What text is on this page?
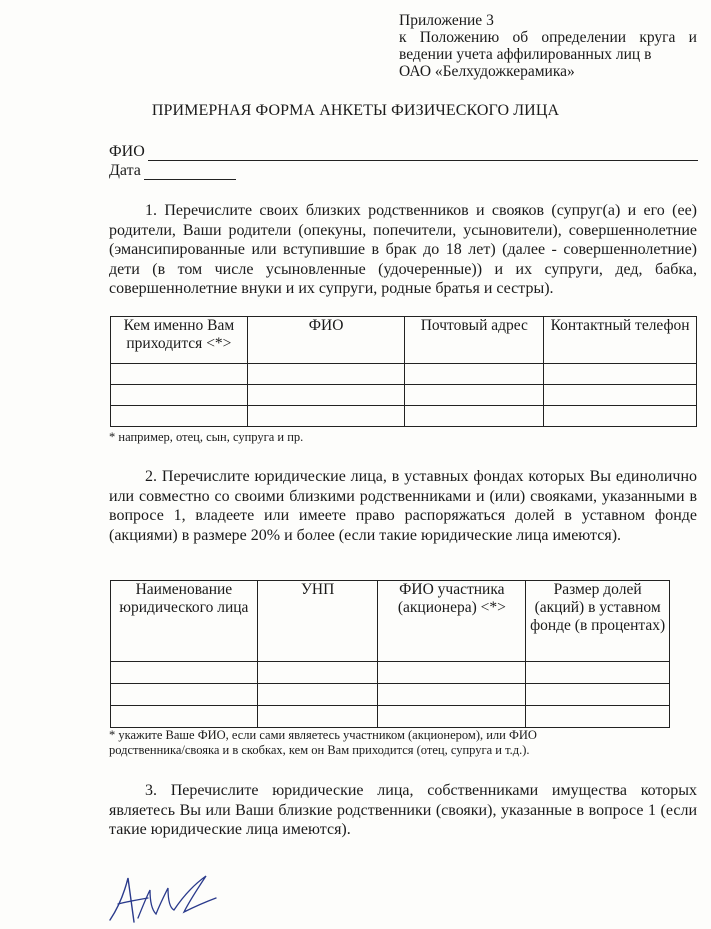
Приложение 3
к Положению об определении круга и
ведении учета аффилированных лиц в
ОАО «Белхудожкерамика»
ПРИМЕРНАЯ ФОРМА АНКЕТЫ ФИЗИЧЕСКОГО ЛИЦА
ФИО
Дата
1. Перечислите своих близких родственников и свояков (супруг(а) и его (ее) родители, Ваши родители (опекуны, попечители, усыновители), совершеннолетние (эмансипированные или вступившие в брак до 18 лет) (далее - совершеннолетние) дети (в том числе усыновленные (удочеренные)) и их супруги, дед, бабка, совершеннолетние внуки и их супруги, родные братья и сестры).
Кем именно Вам приходится <*>	ФИО	Почтовый адрес	Контактный телефон

* например, отец, сын, супруга и пр.
2. Перечислите юридические лица, в уставных фондах которых Вы единолично или совместно со своими близкими родственниками и (или) свояками, указанными в вопросе 1, владеете или имеете право распоряжаться долей в уставном фонде (акциями) в размере 20% и более (если такие юридические лица имеются).
Наименование юридического лица	УНП	ФИО участника (акционера) <*>	Размер долей (акций) в уставном фонде (в процентах)

* укажите Ваше ФИО, если сами являетесь участником (акционером), или ФИО
родственника/свояка и в скобках, кем он Вам приходится (отец, супруга и т.д.).
3. Перечислите юридические лица, собственниками имущества которых являетесь Вы или Ваши близкие родственники (свояки), указанные в вопросе 1 (если такие юридические лица имеются).
